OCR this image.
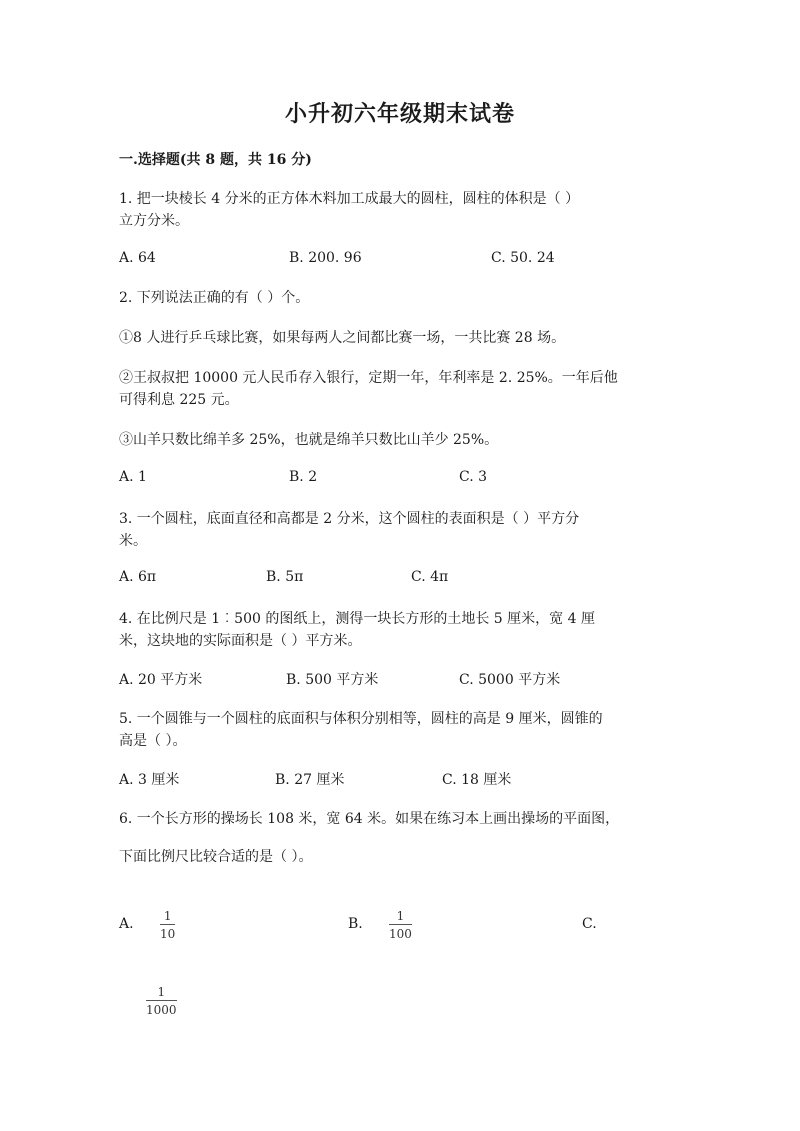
小升初六年级期末试卷
一.选择题(共 8 题，共 16 分)
1. 把一块棱长 4 分米的正方体木料加工成最大的圆柱，圆柱的体积是（ ）
立方分米。
A. 64	B. 200. 96	C. 50. 24
2. 下列说法正确的有（ ）个。
①8 人进行乒乓球比赛，如果每两人之间都比赛一场，一共比赛 28 场。
②王叔叔把 10000 元人民币存入银行，定期一年，年利率是 2. 25%。一年后他
可得利息 225 元。
③山羊只数比绵羊多 25%，也就是绵羊只数比山羊少 25%。
A. 1	B. 2	C. 3
3. 一个圆柱，底面直径和高都是 2 分米，这个圆柱的表面积是（ ）平方分
米。
A. 6π	B. 5π	C. 4π
4. 在比例尺是 1︰500 的图纸上，测得一块长方形的土地长 5 厘米，宽 4 厘
米，这块地的实际面积是（ ）平方米。
A. 20 平方米	B. 500 平方米	C. 5000 平方米
5. 一个圆锥与一个圆柱的底面积与体积分别相等，圆柱的高是 9 厘米，圆锥的
高是（ ）。
A. 3 厘米	B. 27 厘米	C. 18 厘米
6. 一个长方形的操场长 108 米，宽 64 米。如果在练习本上画出操场的平面图，
下面比例尺比较合适的是（ ）。
A.	1
10
B.	1
100
C.
1
1000
